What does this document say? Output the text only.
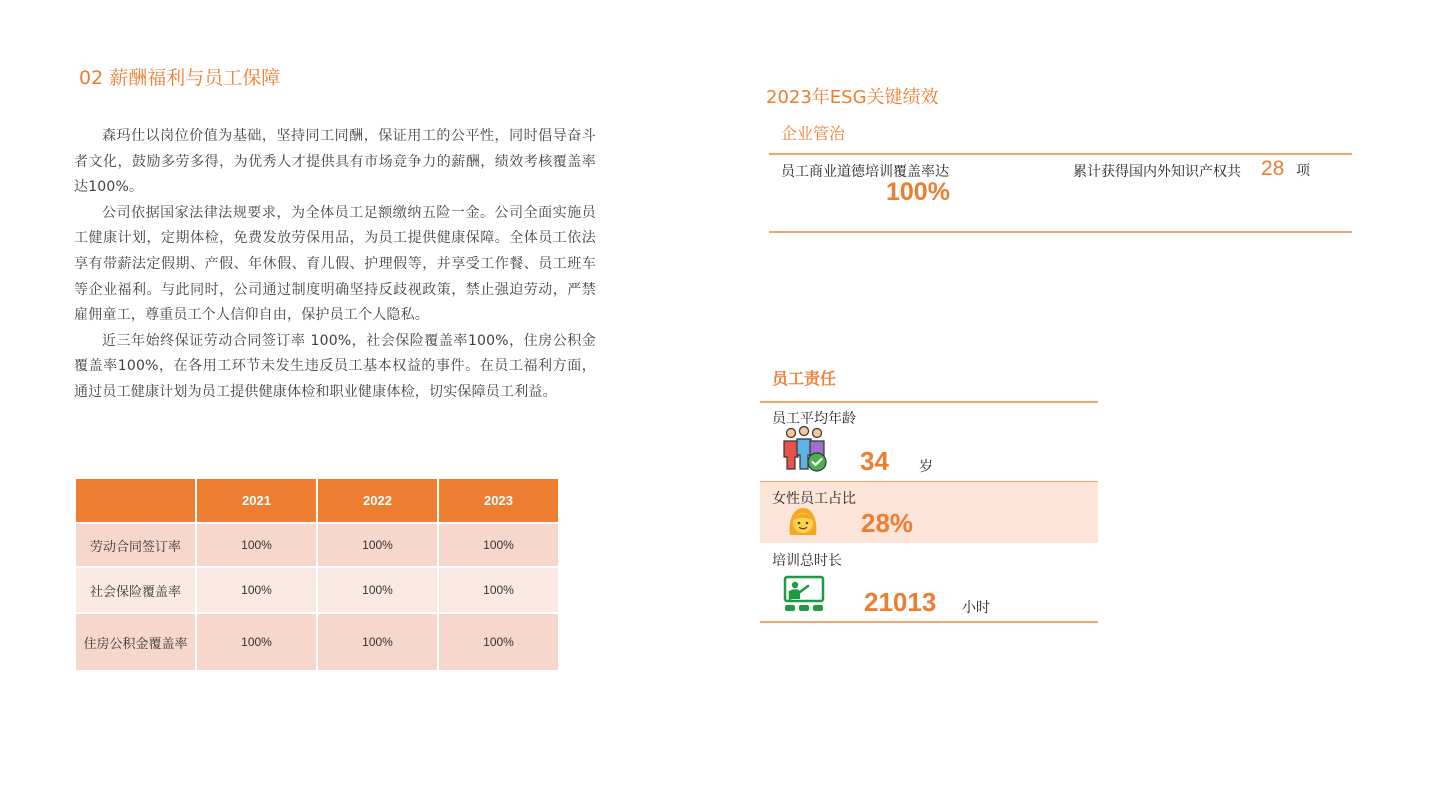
02 薪酬福利与员工保障

森玛仕以岗位价值为基础，坚持同工同酬，保证用工的公平性，同时倡导奋斗者文化，鼓励多劳多得，为优秀人才提供具有市场竞争力的薪酬，绩效考核覆盖率达100%。

公司依据国家法律法规要求，为全体员工足额缴纳五险一金。公司全面实施员工健康计划，定期体检，免费发放劳保用品，为员工提供健康保障。全体员工依法享有带薪法定假期、产假、年休假、育儿假、护理假等，并享受工作餐、员工班车等企业福利。与此同时，公司通过制度明确坚持反歧视政策，禁止强迫劳动，严禁雇佣童工，尊重员工个人信仰自由，保护员工个人隐私。

近三年始终保证劳动合同签订率 100%，社会保险覆盖率100%，住房公积金覆盖率100%，在各用工环节未发生违反员工基本权益的事件。在员工福利方面，通过员工健康计划为员工提供健康体检和职业健康体检，切实保障员工利益。

	2021	2022	2023
劳动合同签订率	100%	100%	100%
社会保险覆盖率	100%	100%	100%
住房公积金覆盖率	100%	100%	100%
2023年ESG关键绩效
企业管治
员工商业道德培训覆盖率达
100%
累计获得国内外知识产权共 28 项
员工责任
员工平均年龄
34 岁
女性员工占比
28%
培训总时长
21013 小时
